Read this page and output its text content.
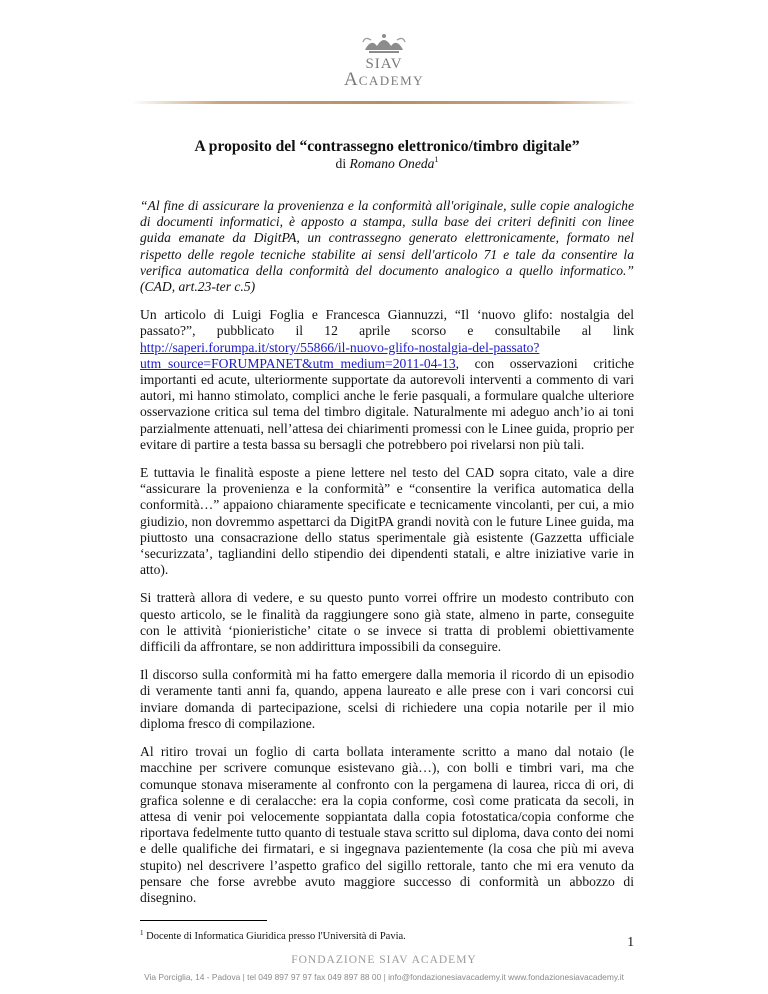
SIAV
ACADEMY

A proposito del “contrassegno elettronico/timbro digitale”

di Romano Oneda$^1$

“Al fine di assicurare la provenienza e la conformità all'originale, sulle copie analogiche di documenti informatici, è apposto a stampa, sulla base dei criteri definiti con linee guida emanate da DigitPA, un contrassegno generato elettronicamente, formato nel rispetto delle regole tecniche stabilite ai sensi dell'articolo 71 e tale da consentire la verifica automatica della conformità del documento analogico a quello informatico.” (CAD, art.23-ter c.5)

Un articolo di Luigi Foglia e Francesca Giannuzzi, “Il ‘nuovo glifo: nostalgia del passato?”, pubblicato il 12 aprile scorso e consultabile al link http://saperi.forumpa.it/story/55866/il-nuovo-glifo-nostalgia-del-passato?utm_source=FORUMPANET&utm_medium=2011-04-13, con osservazioni critiche importanti ed acute, ulteriormente supportate da autorevoli interventi a commento di vari autori, mi hanno stimolato, complici anche le ferie pasquali, a formulare qualche ulteriore osservazione critica sul tema del timbro digitale. Naturalmente mi adeguo anch’io ai toni parzialmente attenuati, nell’attesa dei chiarimenti promessi con le Linee guida, proprio per evitare di partire a testa bassa su bersagli che potrebbero poi rivelarsi non più tali.

E tuttavia le finalità esposte a piene lettere nel testo del CAD sopra citato, vale a dire “assicurare la provenienza e la conformità” e “consentire la verifica automatica della conformità…” appaiono chiaramente specificate e tecnicamente vincolanti, per cui, a mio giudizio, non dovremmo aspettarci da DigitPA grandi novità con le future Linee guida, ma piuttosto una consacrazione dello status sperimentale già esistente (Gazzetta ufficiale ‘securizzata’, tagliandini dello stipendio dei dipendenti statali, e altre iniziative varie in atto).

Si tratterà allora di vedere, e su questo punto vorrei offrire un modesto contributo con questo articolo, se le finalità da raggiungere sono già state, almeno in parte, conseguite con le attività ‘pionieristiche’ citate o se invece si tratta di problemi obiettivamente difficili da affrontare, se non addirittura impossibili da conseguire.

Il discorso sulla conformità mi ha fatto emergere dalla memoria il ricordo di un episodio di veramente tanti anni fa, quando, appena laureato e alle prese con i vari concorsi cui inviare domanda di partecipazione, scelsi di richiedere una copia notarile per il mio diploma fresco di compilazione.

Al ritiro trovai un foglio di carta bollata interamente scritto a mano dal notaio (le macchine per scrivere comunque esistevano già…), con bolli e timbri vari, ma che comunque stonava miseramente al confronto con la pergamena di laurea, ricca di ori, di grafica solenne e di ceralacche: era la copia conforme, così come praticata da secoli, in attesa di venir poi velocemente soppiantata dalla copia fotostatica/copia conforme che riportava fedelmente tutto quanto di testuale stava scritto sul diploma, dava conto dei nomi e delle qualifiche dei firmatari, e si ingegnava pazientemente (la cosa che più mi aveva stupito) nel descrivere l’aspetto grafico del sigillo rettorale, tanto che mi era venuto da pensare che forse avrebbe avuto maggiore successo di conformità un abbozzo di disegnino.

$^1$ Docente di Informatica Giuridica presso l'Università di Pavia.	1
FONDAZIONE SIAV ACADEMY
Via Porciglia, 14 - Padova | tel 049 897 97 97 fax 049 897 88 00 | info@fondazionesiavacademy.it www.fondazionesiavacademy.it
